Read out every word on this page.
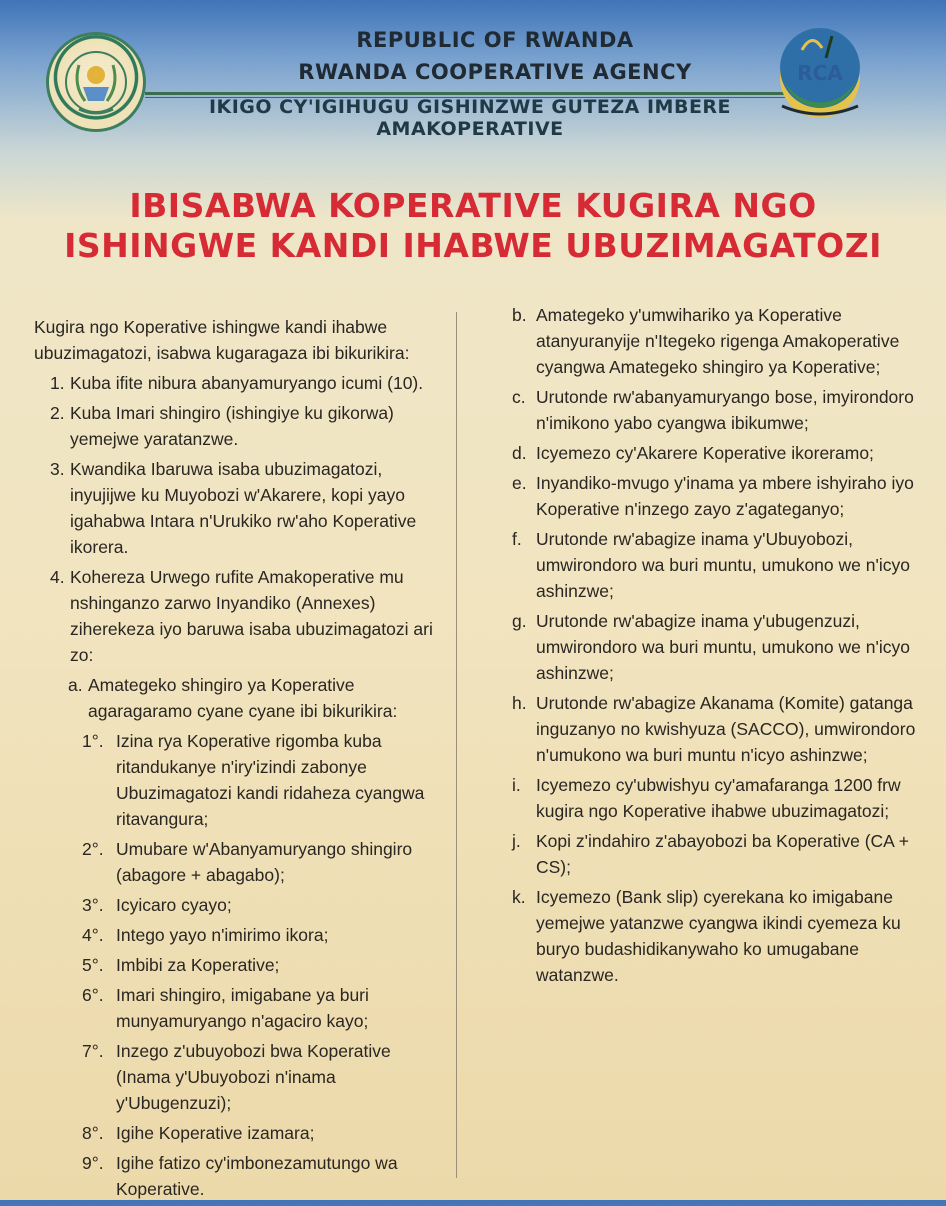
REPUBLIC OF RWANDA
RWANDA COOPERATIVE AGENCY
IKIGO CY'IGIHUGU GISHINZWE GUTEZA IMBERE AMAKOPERATIVE
RCA
IBISABWA KOPERATIVE KUGIRA NGO
ISHINGWE KANDI IHABWE UBUZIMAGATOZI
Kugira ngo Koperative ishingwe kandi ihabwe ubuzimagatozi, isabwa kugaragaza ibi bikurikira:
1. Kuba ifite nibura abanyamuryango icumi (10).
2. Kuba Imari shingiro (ishingiye ku gikorwa) yemejwe yaratanzwe.
3. Kwandika Ibaruwa isaba ubuzimagatozi, inyujijwe ku Muyobozi w'Akarere, kopi yayo igahabwa Intara n'Urukiko rw'aho Koperative ikorera.
4. Kohereza Urwego rufite Amakoperative mu nshinganzo zarwo Inyandiko (Annexes) ziherekeza iyo baruwa isaba ubuzimagatozi ari zo:
a. Amategeko shingiro ya Koperative agaragaramo cyane cyane ibi bikurikira:
1°. Izina rya Koperative rigomba kuba ritandukanye n'iry'izindi zabonye Ubuzimagatozi kandi ridaheza cyangwa ritavangura;
2°. Umubare w'Abanyamuryango shingiro (abagore + abagabo);
3°. Icyicaro cyayo;
4°. Intego yayo n'imirimo ikora;
5°. Imbibi za Koperative;
6°. Imari shingiro, imigabane ya buri munyamuryango n'agaciro kayo;
7°. Inzego z'ubuyobozi bwa Koperative (Inama y'Ubuyobozi n'inama y'Ubugenzuzi);
8°. Igihe Koperative izamara;
9°. Igihe fatizo cy'imbonezamutungo wa Koperative.
b. Amategeko y'umwihariko ya Koperative atanyuranyije n'Itegeko rigenga Amakoperative cyangwa Amategeko shingiro ya Koperative;
c. Urutonde rw'abanyamuryango bose, imyirondoro n'imikono yabo cyangwa ibikumwe;
d. Icyemezo cy'Akarere Koperative ikoreramo;
e. Inyandiko-mvugo y'inama ya mbere ishyiraho iyo Koperative n'inzego zayo z'agateganyo;
f. Urutonde rw'abagize inama y'Ubuyobozi, umwirondoro wa buri muntu, umukono we n'icyo ashinzwe;
g. Urutonde rw'abagize inama y'ubugenzuzi, umwirondoro wa buri muntu, umukono we n'icyo ashinzwe;
h. Urutonde rw'abagize Akanama (Komite) gatanga inguzanyo no kwishyuza (SACCO), umwirondoro n'umukono wa buri muntu n'icyo ashinzwe;
i. Icyemezo cy'ubwishyu cy'amafaranga 1200 frw kugira ngo Koperative ihabwe ubuzimagatozi;
j. Kopi z'indahiro z'abayobozi ba Koperative (CA + CS);
k. Icyemezo (Bank slip) cyerekana ko imigabane yemejwe yatanzwe cyangwa ikindi cyemeza ku buryo budashidikanywaho ko umugabane watanzwe.
